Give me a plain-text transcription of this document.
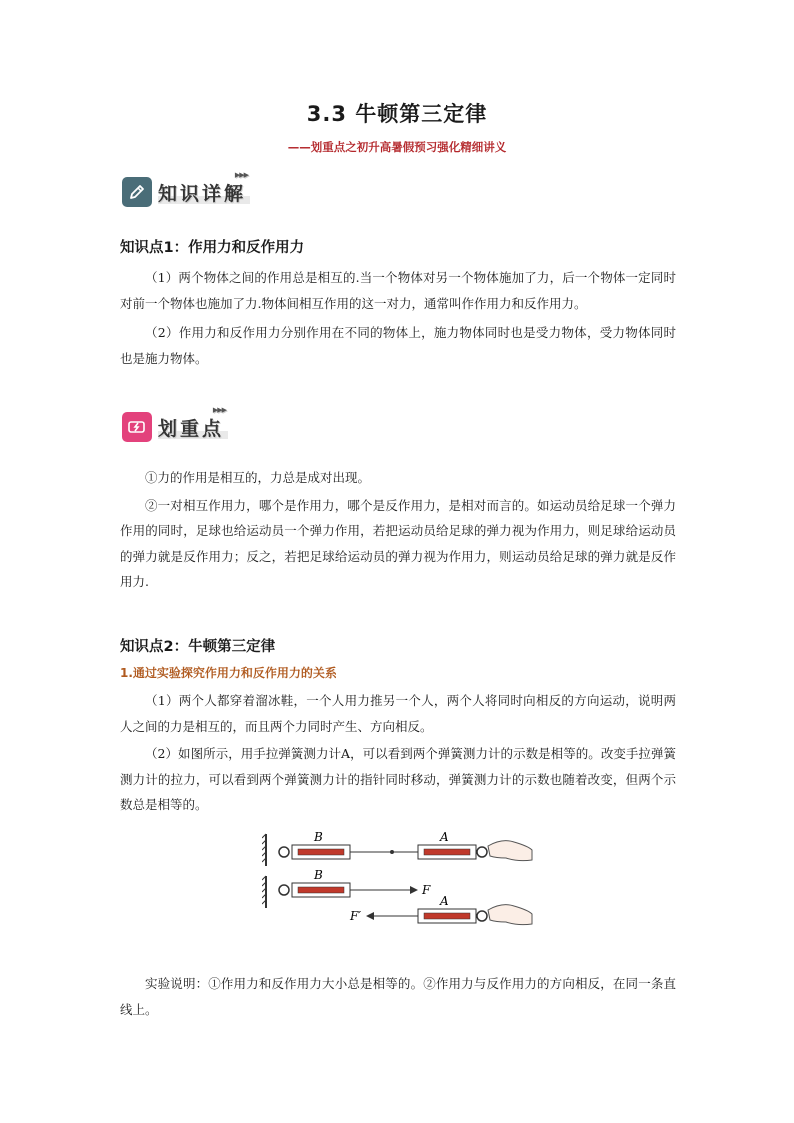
3.3 牛顿第三定律
——划重点之初升高暑假预习强化精细讲义
知识详解
▶▶▶
知识点1：作用力和反作用力

（1）两个物体之间的作用总是相互的.当一个物体对另一个物体施加了力，后一个物体一定同时对前一个物体也施加了力.物体间相互作用的这一对力，通常叫作作用力和反作用力。

（2）作用力和反作用力分别作用在不同的物体上，施力物体同时也是受力物体，受力物体同时也是施力物体。

划重点
▶▶▶

①力的作用是相互的，力总是成对出现。

②一对相互作用力，哪个是作用力，哪个是反作用力，是相对而言的。如运动员给足球一个弹力作用的同时，足球也给运动员一个弹力作用，若把运动员给足球的弹力视为作用力，则足球给运动员的弹力就是反作用力；反之，若把足球给运动员的弹力视为作用力，则运动员给足球的弹力就是反作用力.

知识点2：牛顿第三定律
1.通过实验探究作用力和反作用力的关系

（1）两个人都穿着溜冰鞋，一个人用力推另一个人，两个人将同时向相反的方向运动，说明两人之间的力是相互的，而且两个力同时产生、方向相反。

（2）如图所示，用手拉弹簧测力计A，可以看到两个弹簧测力计的示数是相等的。改变手拉弹簧测力计的拉力，可以看到两个弹簧测力计的指针同时移动，弹簧测力计的示数也随着改变，但两个示数总是相等的。

B	A
F
B
F′
A

实验说明：①作用力和反作用力大小总是相等的。②作用力与反作用力的方向相反，在同一条直线上。
